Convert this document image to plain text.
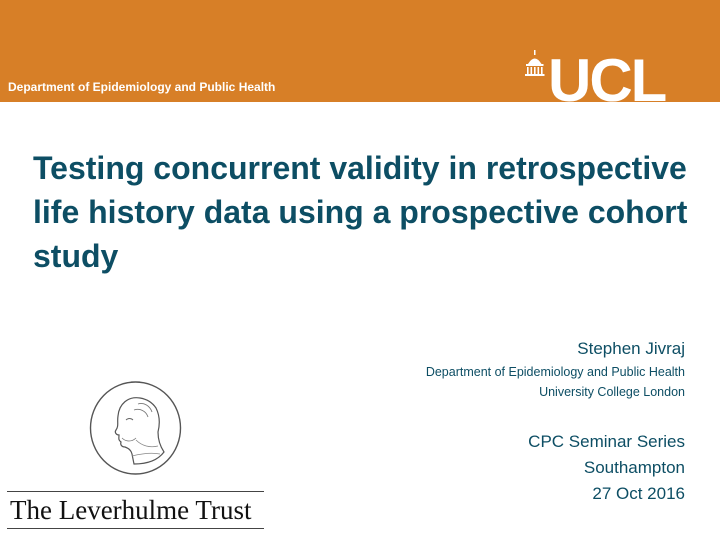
Department of Epidemiology and Public Health	UCL
Testing concurrent validity in retrospective life history data using a prospective cohort study
Stephen Jivraj
Department of Epidemiology and Public Health
University College London
CPC Seminar Series
Southampton
27 Oct 2016
The Leverhulme Trust
